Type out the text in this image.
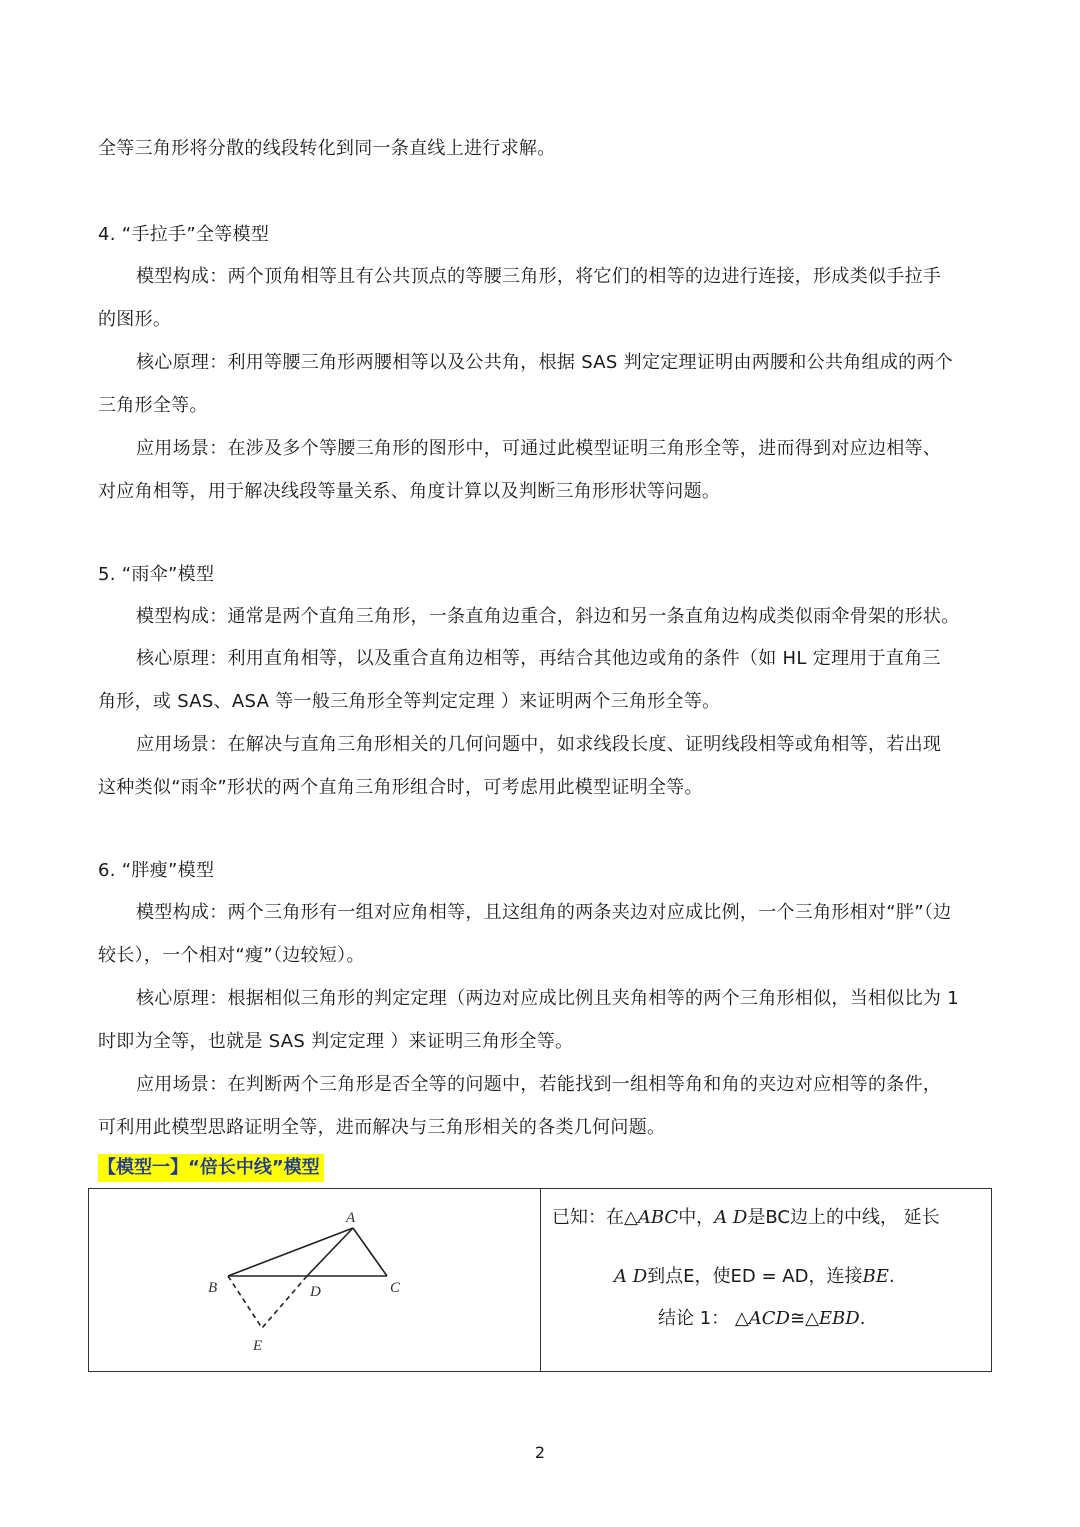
全等三角形将分散的线段转化到同一条直线上进行求解。
4. “手拉手”全等模型
模型构成：两个顶角相等且有公共顶点的等腰三角形，将它们的相等的边进行连接，形成类似手拉手
的图形。
核心原理：利用等腰三角形两腰相等以及公共角，根据 SAS 判定定理证明由两腰和公共角组成的两个
三角形全等。
应用场景：在涉及多个等腰三角形的图形中，可通过此模型证明三角形全等，进而得到对应边相等、
对应角相等，用于解决线段等量关系、角度计算以及判断三角形形状等问题。
5. “雨伞”模型
模型构成：通常是两个直角三角形，一条直角边重合，斜边和另一条直角边构成类似雨伞骨架的形状。
核心原理：利用直角相等，以及重合直角边相等，再结合其他边或角的条件（如 HL 定理用于直角三
角形，或 SAS、ASA 等一般三角形全等判定定理 ）来证明两个三角形全等。
应用场景：在解决与直角三角形相关的几何问题中，如求线段长度、证明线段相等或角相等，若出现
这种类似“雨伞”形状的两个直角三角形组合时，可考虑用此模型证明全等。
6. “胖瘦”模型
模型构成：两个三角形有一组对应角相等，且这组角的两条夹边对应成比例，一个三角形相对“胖”（边
较长），一个相对“瘦”（边较短）。
核心原理：根据相似三角形的判定定理（两边对应成比例且夹角相等的两个三角形相似，当相似比为 1
时即为全等，也就是 SAS 判定定理 ）来证明三角形全等。
应用场景：在判断两个三角形是否全等的问题中，若能找到一组相等角和角的夹边对应相等的条件，
可利用此模型思路证明全等，进而解决与三角形相关的各类几何问题。
【模型一】“倍长中线”模型
A
B	C
D
E
已知：在△ABC中，A D是BC边上的中线， 延长
A D到点E，使ED = AD，连接BE.
结论 1： △ACD≅△EBD.
2
